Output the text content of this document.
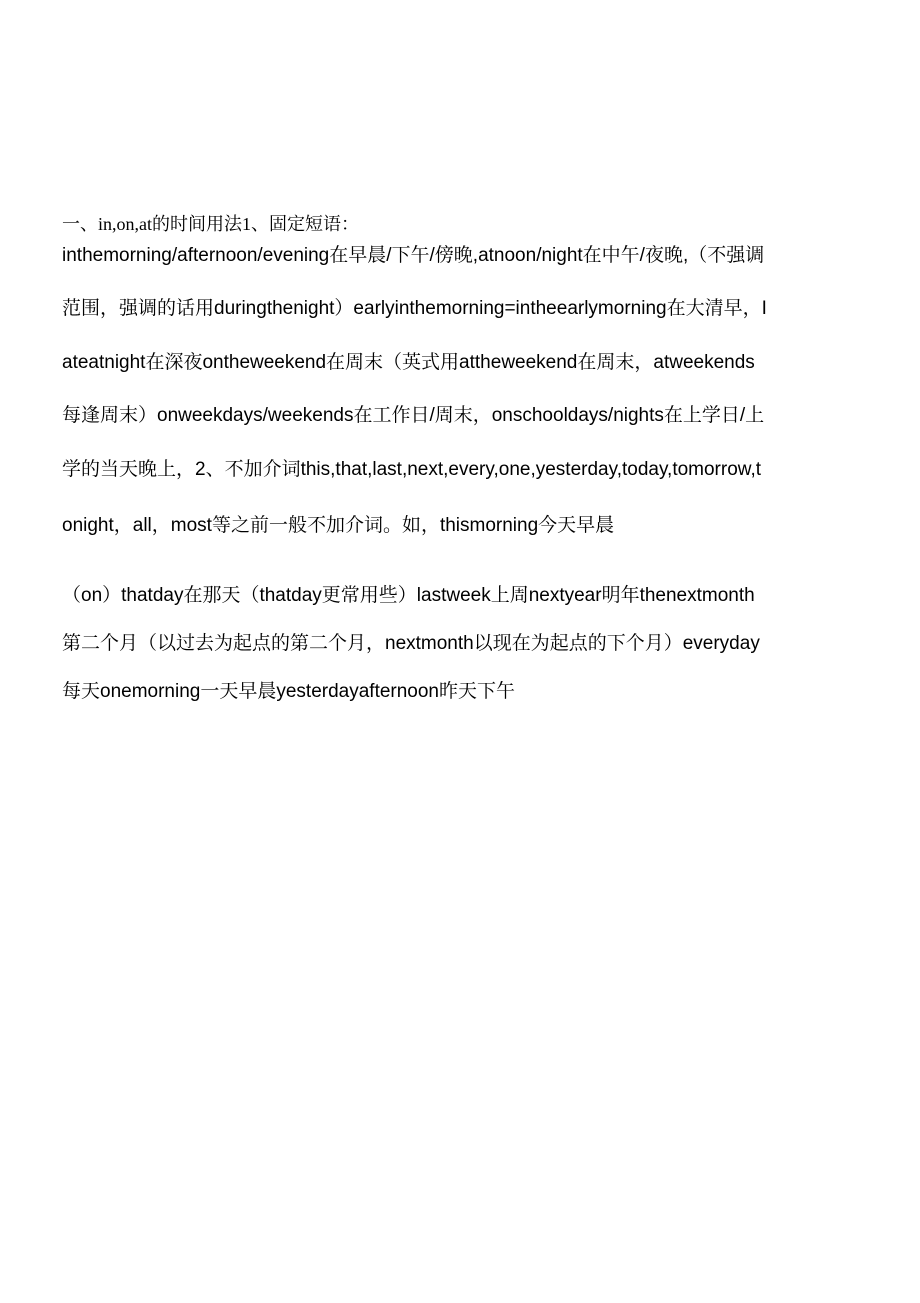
一、in,on,at的时间用法1、固定短语：
inthemorning/afternoon/evening在早晨/下午/傍晚,atnoon/night在中午/夜晚,（不强调
范围，强调的话用duringthenight）earlyinthemorning=intheearlymorning在大清早，I
ateatnight在深夜ontheweekend在周末（英式用attheweekend在周末，atweekends
每逢周末）onweekdays/weekends在工作日/周末，onschooldays/nights在上学日/上
学的当天晚上，2、不加介词this,that,last,next,every,one,yesterday,today,tomorrow,t
onight，all，most等之前一般不加介词。如，thismorning今天早晨
（on）thatday在那天（thatday更常用些）lastweek上周nextyear明年thenextmonth
第二个月（以过去为起点的第二个月，nextmonth以现在为起点的下个月）everyday
每天onemorning一天早晨yesterdayafternoon昨天下午
